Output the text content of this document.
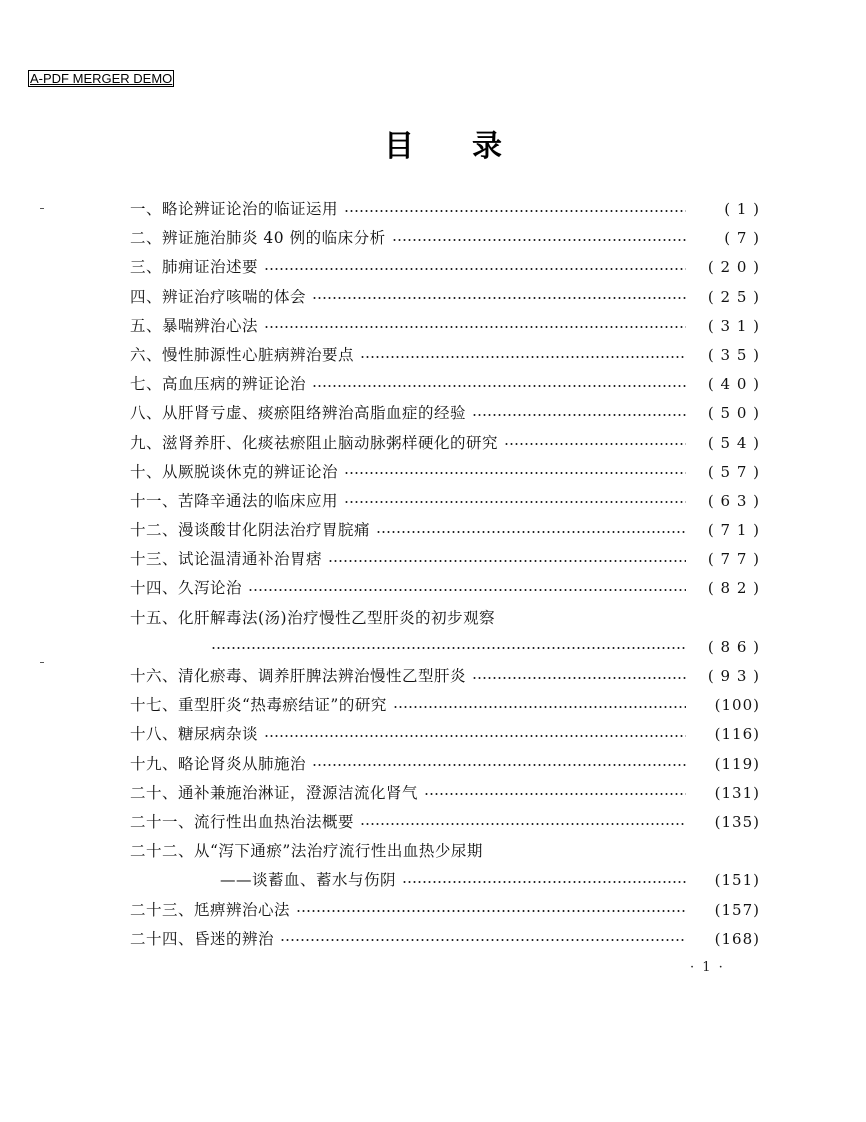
A-PDF MERGER DEMO
目录
一、略论辨证论治的临证运用	( 1 )
二、辨证施治肺炎 40 例的临床分析	( 7 )
三、肺痈证治述要	( 2 0 )
四、辨证治疗咳喘的体会	( 2 5 )
五、暴喘辨治心法	( 3 1 )
六、慢性肺源性心脏病辨治要点	( 3 5 )
七、高血压病的辨证论治	( 4 0 )
八、从肝肾亏虚、痰瘀阻络辨治高脂血症的经验	( 5 0 )
九、滋肾养肝、化痰祛瘀阻止脑动脉粥样硬化的研究	( 5 4 )
十、从厥脱谈休克的辨证论治	( 5 7 )
十一、苦降辛通法的临床应用	( 6 3 )
十二、漫谈酸甘化阴法治疗胃脘痛	( 7 1 )
十三、试论温清通补治胃痞	( 7 7 )
十四、久泻论治	( 8 2 )
十五、化肝解毒法(汤)治疗慢性乙型肝炎的初步观察
( 8 6 )
十六、清化瘀毒、调养肝脾法辨治慢性乙型肝炎	( 9 3 )
十七、重型肝炎“热毒瘀结证”的研究	(100)
十八、糖尿病杂谈	(116)
十九、略论肾炎从肺施治	(119)
二十、通补兼施治淋证，澄源洁流化肾气	(131)
二十一、流行性出血热治法概要	(135)
二十二、从“泻下通瘀”法治疗流行性出血热少尿期
——谈蓄血、蓄水与伤阴	(151)
二十三、尪痹辨治心法	(157)
二十四、昏迷的辨治	(168)
· 1 ·
